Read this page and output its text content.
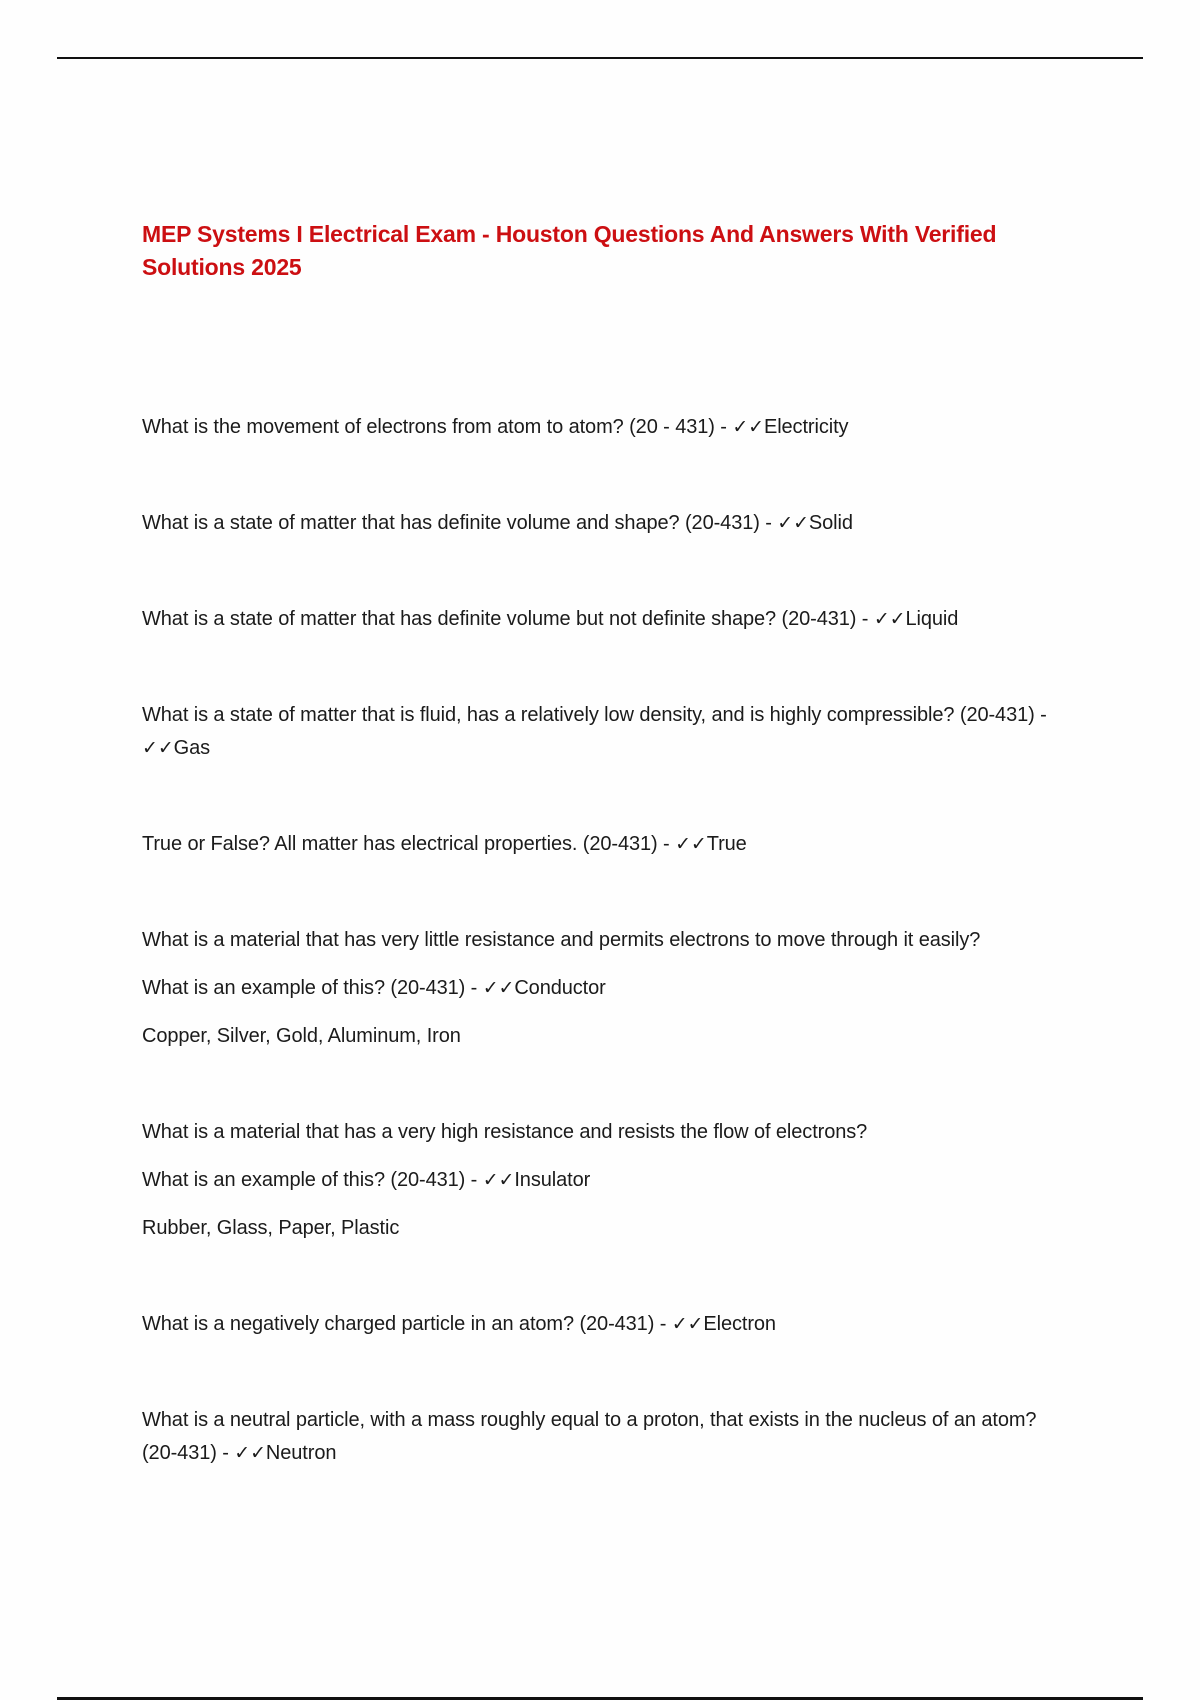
MEP Systems I Electrical Exam - Houston Questions And Answers With Verified Solutions 2025

What is the movement of electrons from atom to atom? (20 - 431) - ✓✓Electricity

What is a state of matter that has definite volume and shape? (20-431) - ✓✓Solid

What is a state of matter that has definite volume but not definite shape? (20-431) - ✓✓Liquid

What is a state of matter that is fluid, has a relatively low density, and is highly compressible? (20-431) - ✓✓Gas

True or False? All matter has electrical properties. (20-431) - ✓✓True

What is a material that has very little resistance and permits electrons to move through it easily?

What is an example of this? (20-431) - ✓✓Conductor

Copper, Silver, Gold, Aluminum, Iron

What is a material that has a very high resistance and resists the flow of electrons?

What is an example of this? (20-431) - ✓✓Insulator

Rubber, Glass, Paper, Plastic

What is a negatively charged particle in an atom? (20-431) - ✓✓Electron

What is a neutral particle, with a mass roughly equal to a proton, that exists in the nucleus of an atom? (20-431) - ✓✓Neutron
